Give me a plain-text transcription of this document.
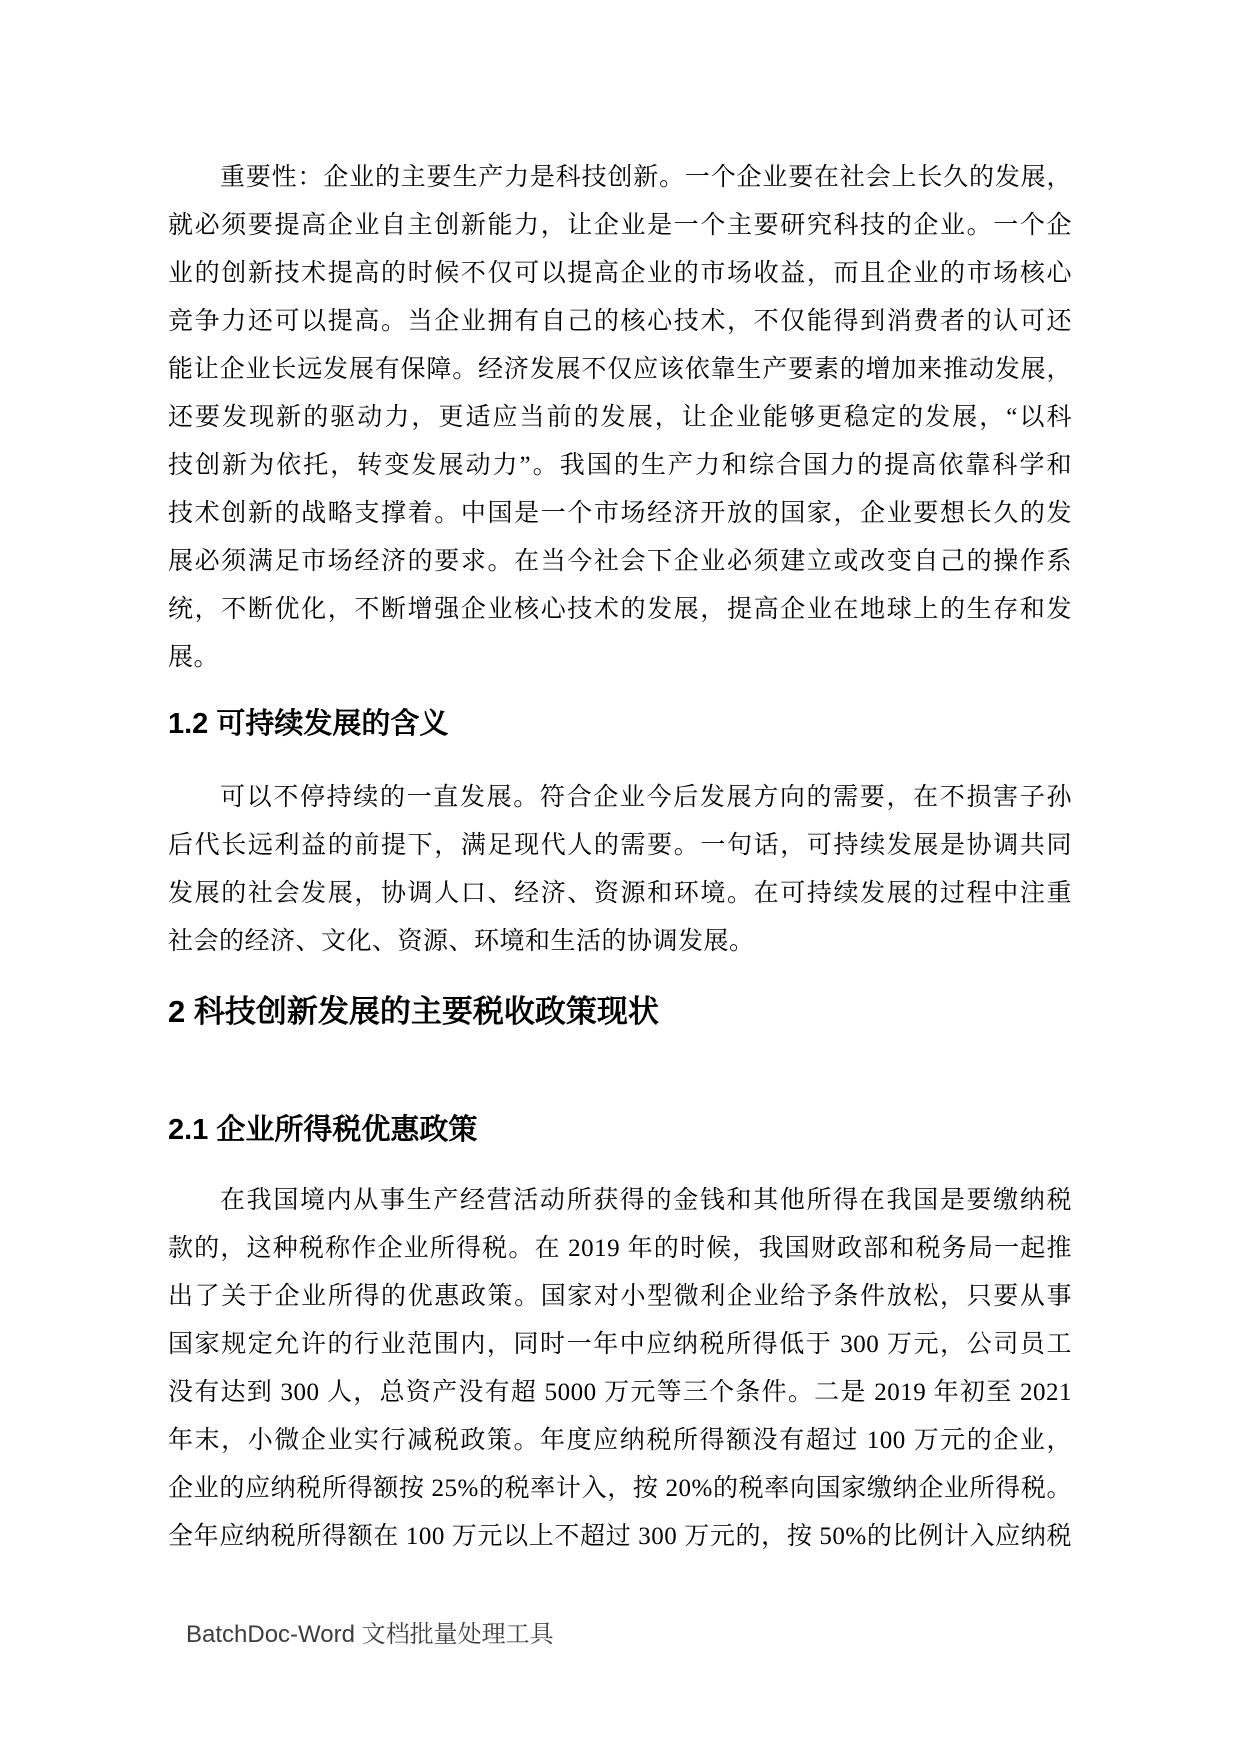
重要性：企业的主要生产力是科技创新。一个企业要在社会上长久的发展，
就必须要提高企业自主创新能力，让企业是一个主要研究科技的企业。一个企
业的创新技术提高的时候不仅可以提高企业的市场收益，而且企业的市场核心
竞争力还可以提高。当企业拥有自己的核心技术，不仅能得到消费者的认可还
能让企业长远发展有保障。经济发展不仅应该依靠生产要素的增加来推动发展，
还要发现新的驱动力，更适应当前的发展，让企业能够更稳定的发展，“以科
技创新为依托，转变发展动力”。我国的生产力和综合国力的提高依靠科学和
技术创新的战略支撑着。中国是一个市场经济开放的国家，企业要想长久的发
展必须满足市场经济的要求。在当今社会下企业必须建立或改变自己的操作系
统，不断优化，不断增强企业核心技术的发展，提高企业在地球上的生存和发
展。
1.2 可持续发展的含义
可以不停持续的一直发展。符合企业今后发展方向的需要，在不损害子孙
后代长远利益的前提下，满足现代人的需要。一句话，可持续发展是协调共同
发展的社会发展，协调人口、经济、资源和环境。在可持续发展的过程中注重
社会的经济、文化、资源、环境和生活的协调发展。
2 科技创新发展的主要税收政策现状
2.1 企业所得税优惠政策
在我国境内从事生产经营活动所获得的金钱和其他所得在我国是要缴纳税
款的，这种税称作企业所得税。在 2019 年的时候，我国财政部和税务局一起推
出了关于企业所得的优惠政策。国家对小型微利企业给予条件放松，只要从事
国家规定允许的行业范围内，同时一年中应纳税所得低于 300 万元，公司员工
没有达到 300 人，总资产没有超 5000 万元等三个条件。二是 2019 年初至 2021
年末，小微企业实行减税政策。年度应纳税所得额没有超过 100 万元的企业，
企业的应纳税所得额按 25%的税率计入，按 20%的税率向国家缴纳企业所得税。
全年应纳税所得额在 100 万元以上不超过 300 万元的，按 50%的比例计入应纳税
BatchDoc-Word 文档批量处理工具
